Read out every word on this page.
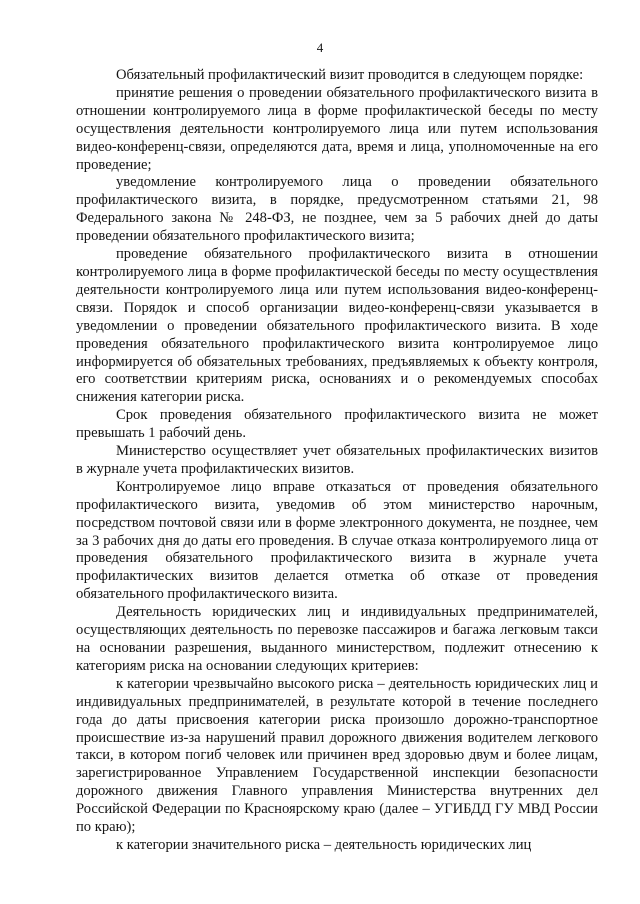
4

Обязательный профилактический визит проводится в следующем порядке:

принятие решения о проведении обязательного профилактического визита в отношении контролируемого лица в форме профилактической беседы по месту осуществления деятельности контролируемого лица или путем использования видео-конференц-связи, определяются дата, время и лица, уполномоченные на его проведение;

уведомление контролируемого лица о проведении обязательного профилактического визита, в порядке, предусмотренном статьями 21, 98 Федерального закона № 248-ФЗ, не позднее, чем за 5 рабочих дней до даты проведении обязательного профилактического визита;

проведение обязательного профилактического визита в отношении контролируемого лица в форме профилактической беседы по месту осуществления деятельности контролируемого лица или путем использования видео-конференц-связи. Порядок и способ организации видео-конференц-связи указывается в уведомлении о проведении обязательного профилактического визита. В ходе проведения обязательного профилактического визита контролируемое лицо информируется об обязательных требованиях, предъявляемых к объекту контроля, его соответствии критериям риска, основаниях и о рекомендуемых способах снижения категории риска.

Срок проведения обязательного профилактического визита не может превышать 1 рабочий день.

Министерство осуществляет учет обязательных профилактических визитов в журнале учета профилактических визитов.

Контролируемое лицо вправе отказаться от проведения обязательного профилактического визита, уведомив об этом министерство нарочным, посредством почтовой связи или в форме электронного документа, не позднее, чем за 3 рабочих дня до даты его проведения. В случае отказа контролируемого лица от проведения обязательного профилактического визита в журнале учета профилактических визитов делается отметка об отказе от проведения обязательного профилактического визита.

Деятельность юридических лиц и индивидуальных предпринимателей, осуществляющих деятельность по перевозке пассажиров и багажа легковым такси на основании разрешения, выданного министерством, подлежит отнесению к категориям риска на основании следующих критериев:

к категории чрезвычайно высокого риска – деятельность юридических лиц и индивидуальных предпринимателей, в результате которой в течение последнего года до даты присвоения категории риска произошло дорожно-транспортное происшествие из-за нарушений правил дорожного движения водителем легкового такси, в котором погиб человек или причинен вред здоровью двум и более лицам, зарегистрированное Управлением Государственной инспекции безопасности дорожного движения Главного управления Министерства внутренних дел Российской Федерации по Красноярскому краю (далее – УГИБДД ГУ МВД России по краю);

к категории значительного риска – деятельность юридических лиц
